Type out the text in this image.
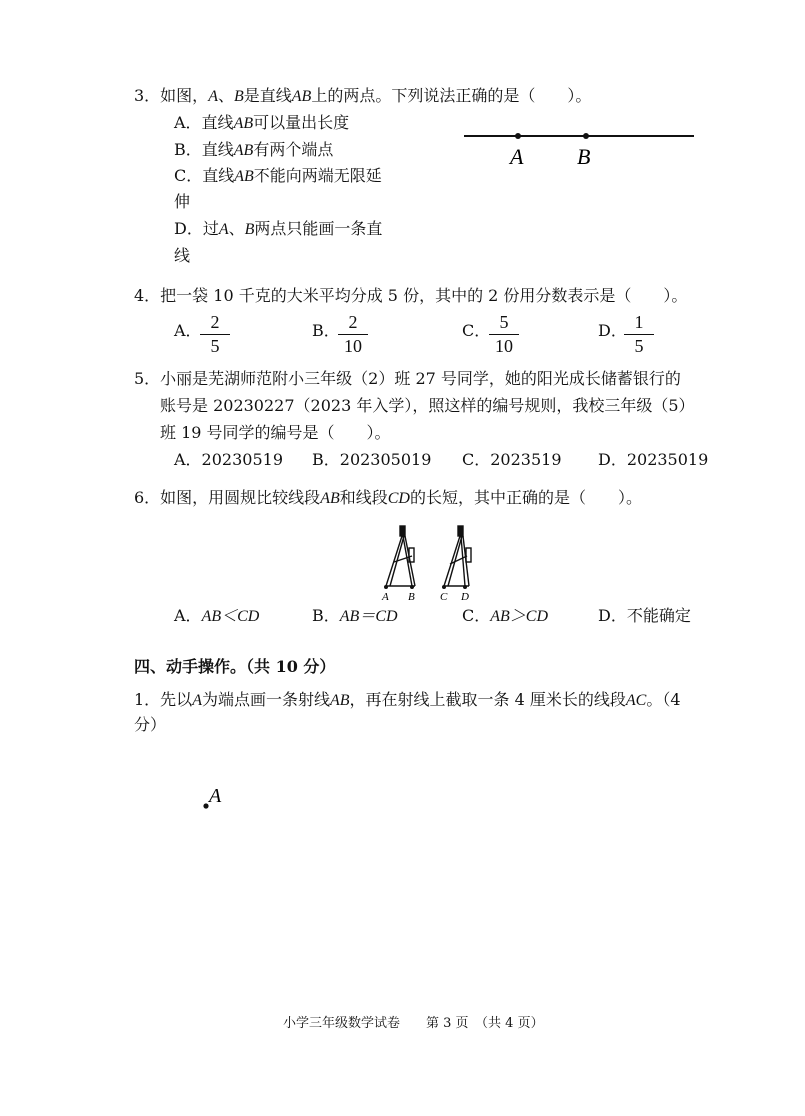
3．如图，A、B是直线AB上的两点。下列说法正确的是（　　）。
A．直线AB可以量出长度
B．直线AB有两个端点
C．直线AB不能向两端无限延
伸
D．过A、B两点只能画一条直
线
A B
4．把一袋 10 千克的大米平均分成 5 份，其中的 2 份用分数表示是（　　）。
A． 2
5
B． 2
10
C． 5
10
D． 1
5
5．小丽是芜湖师范附小三年级（2）班 27 号同学，她的阳光成长储蓄银行的
账号是 20230227（2023 年入学），照这样的编号规则，我校三年级（5）
班 19 号同学的编号是（　　）。
A．20230519 B．202305019 C．2023519 D．20235019
6．如图，用圆规比较线段AB和线段CD的长短，其中正确的是（　　）。
A B C D
A．AB＜CD	B．AB＝CD	C．AB＞CD	D．不能确定
四、动手操作。（共 10 分）
1．先以A为端点画一条射线AB，再在射线上截取一条 4 厘米长的线段AC。（4
分）
A
小学三年级数学试卷　　第 3 页　（共 4 页）
